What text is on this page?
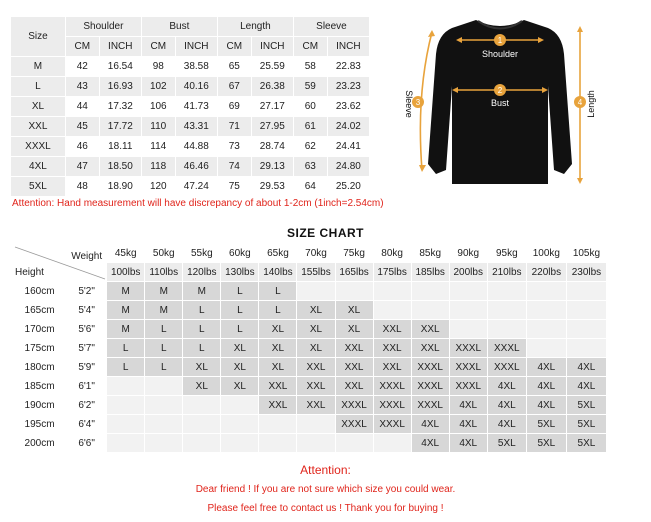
Size	Shoulder		Bust		Length		Sleeve	
	CM	INCH	CM	INCH	CM	INCH	CM	INCH
M	42	16.54	98	38.58	65	25.59	58	22.83
L	43	16.93	102	40.16	67	26.38	59	23.23
XL	44	17.32	106	41.73	69	27.17	60	23.62
XXL	45	17.72	110	43.31	71	27.95	61	24.02
XXXL	46	18.11	114	44.88	73	28.74	62	24.41
4XL	47	18.50	118	46.46	74	29.13	63	24.80
5XL	48	18.90	120	47.24	75	29.53	64	25.20
Attention: Hand measurement will have discrepancy of about 1-2cm (1inch=2.54cm)
1
Shoulder
2
Bust
3
Sleeve	4 Length
SIZE CHART
Weight
Height		45kg	50kg	55kg	60kg	65kg	70kg	75kg	80kg	85kg	90kg	95kg	100kg	105kg
		100lbs	110lbs	120lbs	130lbs	140lbs	155lbs	165lbs	175lbs	185lbs	200lbs	210lbs	220lbs	230lbs
160cm	5'2"	M	M	M	L	L								
165cm	5'4"	M	M	L	L	L	XL	XL						
170cm	5'6"	M	L	L	L	XL	XL	XL	XXL	XXL				
175cm	5'7"	L	L	L	XL	XL	XL	XXL	XXL	XXL	XXXL	XXXL		
180cm	5'9"	L	L	XL	XL	XL	XXL	XXL	XXL	XXXL	XXXL	XXXL	4XL	4XL
185cm	6'1"			XL	XL	XXL	XXL	XXL	XXXL	XXXL	XXXL	4XL	4XL	4XL
190cm	6'2"					XXL	XXL	XXXL	XXXL	XXXL	4XL	4XL	4XL	5XL
195cm	6'4"							XXXL	XXXL	4XL	4XL	4XL	5XL	5XL
200cm	6'6"									4XL	4XL	5XL	5XL	5XL
Attention:
Dear friend ! If you are not sure which size you could wear.
Please feel free to contact us ! Thank you for buying !
